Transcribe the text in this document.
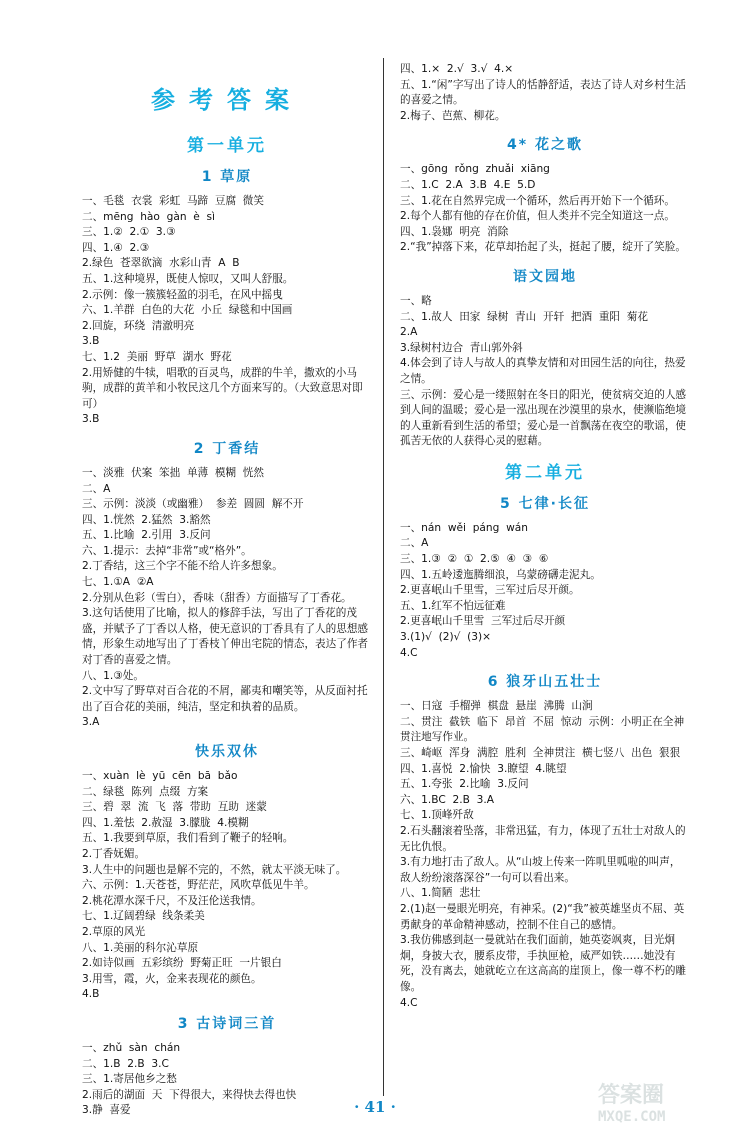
参考答案
第一单元
1 草原
一、毛毯  衣裳  彩虹  马蹄  豆腐  微笑
二、mēng  hào  gàn  è  sì
三、1.②  2.①  3.③
四、1.④  2.③
2.绿色  苍翠欲滴  水彩山青  A  B
五、1.这种境界，既使人惊叹，又叫人舒服。
2.示例：像一簇簇轻盈的羽毛，在风中摇曳
六、1.羊群  白色的大花  小丘  绿毯和中国画
2.回旋，环绕  清澈明亮
3.B
七、1.2  美丽  野草  湖水  野花
2.用矫健的牛犊，唱歌的百灵鸟，成群的牛羊，撒欢的小马驹，成群的黄羊和小牧民这几个方面来写的。（大致意思对即可）
3.B
2 丁香结
一、淡雅  伏案  笨拙  单薄  模糊  恍然
二、A
三、示例：淡淡（或幽雅）  参差  圆圆  解不开
四、1.恍然  2.猛然  3.豁然
五、1.比喻  2.引用  3.反问
六、1.提示：去掉“非常”或“格外”。
2.丁香结，这三个字不能不给人许多想象。
七、1.①A  ②A
2.分别从色彩（雪白），香味（甜香）方面描写了丁香花。
3.这句话使用了比喻，拟人的修辞手法，写出了丁香花的茂盛，并赋予了丁香以人格，使无意识的丁香具有了人的思想感情，形象生动地写出了丁香枝丫伸出宅院的情态，表达了作者对丁香的喜爱之情。
八、1.③处。
2.文中写了野草对百合花的不屑，鄙夷和嘲笑等，从反面衬托出了百合花的美丽，纯洁，坚定和执着的品质。
3.A
快乐双休
一、xuàn  lè  yū  cēn  bā  bǎo
二、绿毯  陈列  点缀  方案
三、碧  翠  流  飞  落  带助  互助  迷蒙
四、1.羞怯  2.赦湿  3.朦胧  4.模糊
五、1.我要到草原，我们看到了鞭子的轻响。
2.丁香妩媚。
3.人生中的问题也是解不完的，不然，就太平淡无味了。
六、示例：1.天苍苍，野茫茫，风吹草低见牛羊。
2.桃花潭水深千尺，不及汪伦送我情。
七、1.辽阔碧绿  线条柔美
2.草原的风光
八、1.美丽的科尔沁草原
2.如诗似画  五彩缤纷  野菊正旺  一片银白
3.用雪，霞，火，金来表现花的颜色。
4.B
3 古诗词三首
一、zhǔ  sàn  chán
二、1.B  2.B  3.C
三、1.寄居他乡之愁
2.雨后的湖面  天  下得很大，来得快去得也快
3.静  喜爱
四、1.×  2.√  3.√  4.×
五、1.“闲”字写出了诗人的恬静舒适，表达了诗人对乡村生活的喜爱之情。
2.梅子、芭蕉、柳花。
4* 花之歌
一、gōng  rǒng  zhuǎi  xiāng
二、1.C  2.A  3.B  4.E  5.D
三、1.花在自然界完成一个循环，然后再开始下一个循环。
2.每个人都有他的存在价值，但人类并不完全知道这一点。
四、1.袅娜  明亮  消除
2.“我”掉落下来，花草却抬起了头，挺起了腰，绽开了笑脸。
语文园地
一、略
二、1.故人  田家  绿树  青山  开轩  把酒  重阳  菊花
2.A
3.绿树村边合  青山郭外斜
4.体会到了诗人与故人的真挚友情和对田园生活的向往，热爱之情。
三、示例：爱心是一缕照射在冬日的阳光，使贫病交迫的人感到人间的温暖；爱心是一泓出现在沙漠里的泉水，使濒临绝境的人重新看到生活的希望；爱心是一首飘荡在夜空的歌谣，使孤苦无依的人获得心灵的慰藉。
第二单元
5 七律·长征
一、nán  wěi  páng  wán
二、A
三、1.③  ②  ①  2.⑤  ④  ③  ⑥
四、1.五岭逶迤腾细浪，乌蒙磅礴走泥丸。
2.更喜岷山千里雪，三军过后尽开颜。
五、1.红军不怕远征难
2.更喜岷山千里雪  三军过后尽开颜
3.(1)√  (2)√  (3)×
4.C
6 狼牙山五壮士
一、日寇  手榴弹  棋盘  悬崖  沸腾  山涧
二、贯注  截铁  临下  昂首  不屈  惊动  示例：小明正在全神贯注地写作业。
三、崎岖  浑身  满腔  胜利  全神贯注  横七竖八  出色  狠狠
四、1.喜悦  2.愉快  3.瞭望  4.眺望
五、1.夸张  2.比喻  3.反问
六、1.BC  2.B  3.A
七、1.顶峰歼敌
2.石头翻滚着坠落，非常迅猛，有力，体现了五壮士对敌人的无比仇恨。
3.有力地打击了敌人。从“山坡上传来一阵叽里呱啦的叫声，敌人纷纷滚落深谷”一句可以看出来。
八、1.简陋  悲壮
2.(1)赵一曼眼光明亮，有神采。(2)“我”被英雄坚贞不屈、英勇献身的革命精神感动，控制不住自己的感情。
3.我仿佛感到赵一曼就站在我们面前，她英姿飒爽，目光炯炯，身披大衣，腰系皮带，手执匣枪，威严如铁……她没有死，没有离去，她就屹立在这高高的崖顶上，像一尊不朽的雕像。
4.C
· 41 ·	答案圈
MXQE.COM
